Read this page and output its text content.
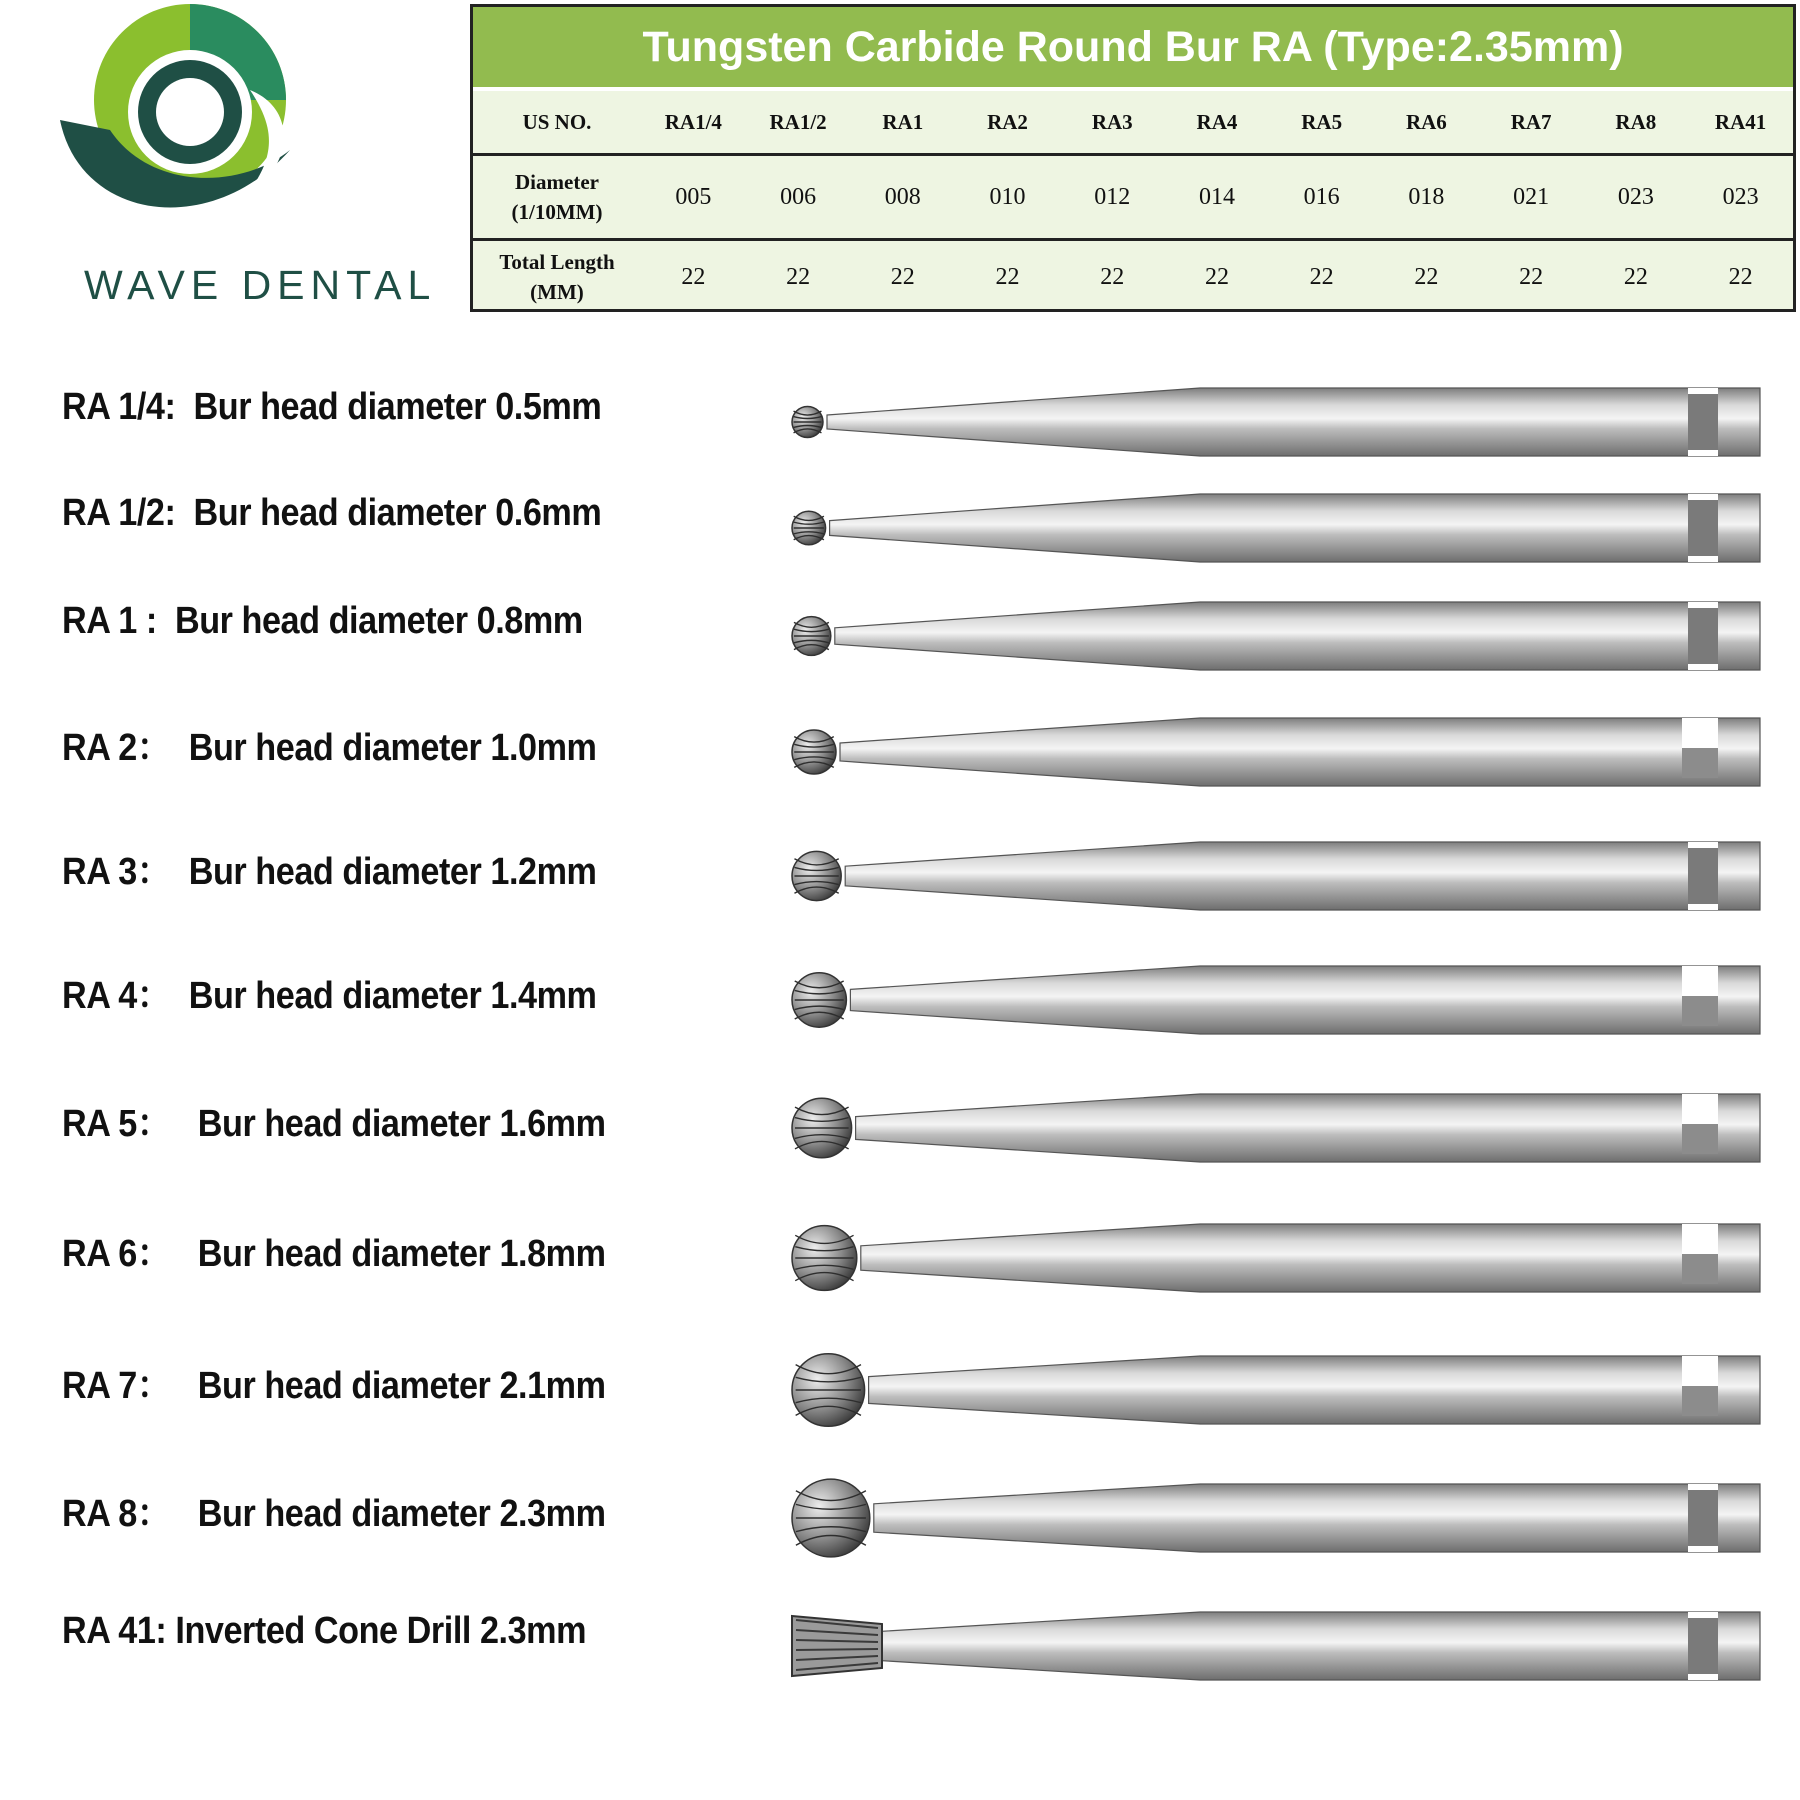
WAVE DENTAL
Tungsten Carbide Round Bur RA (Type:2.35mm)
US NO.	RA1/4	RA1/2	RA1	RA2	RA3	RA4	RA5	RA6	RA7	RA8	RA41
Diameter
(1/10MM)	005	006	008	010	012	014	016	018	021	023	023
Total Length
(MM)	22	22	22	22	22	22	22	22	22	22	22
RA 1/4:  Bur head diameter 0.5mm
RA 1/2:  Bur head diameter 0.6mm
RA 1 :  Bur head diameter 0.8mm
RA 2：  Bur head diameter 1.0mm
RA 3：  Bur head diameter 1.2mm
RA 4：  Bur head diameter 1.4mm
RA 5：   Bur head diameter 1.6mm
RA 6：   Bur head diameter 1.8mm
RA 7：   Bur head diameter 2.1mm
RA 8：   Bur head diameter 2.3mm
RA 41: Inverted Cone Drill 2.3mm
